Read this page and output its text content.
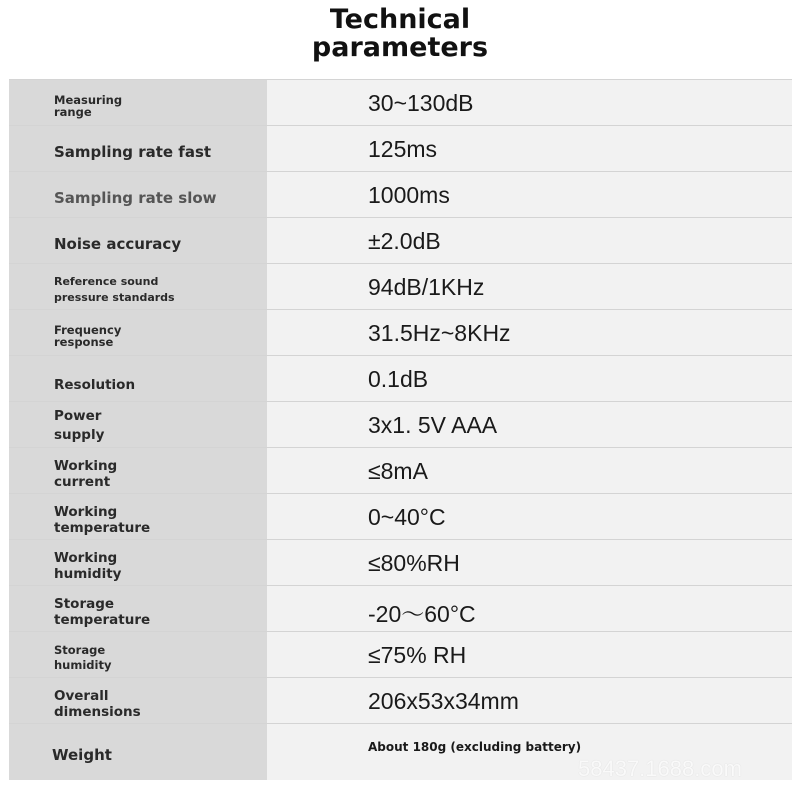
Technical
parameters
Measuring
range	30~130dB
Sampling rate fast	125ms
Sampling rate slow	1000ms
Noise accuracy	±2.0dB
Reference sound
pressure standards	94dB/1KHz
Frequency
response	31.5Hz~8KHz
Resolution	0.1dB
Power
supply	3x1. 5V AAA
Working
current	≤8mA
Working
temperature	0~40°C
Working
humidity	≤80%RH
Storage
temperature	-20～60°C
Storage
humidity	≤75% RH
Overall
dimensions	206x53x34mm
Weight	About 180g (excluding battery)
58437.1688.com
